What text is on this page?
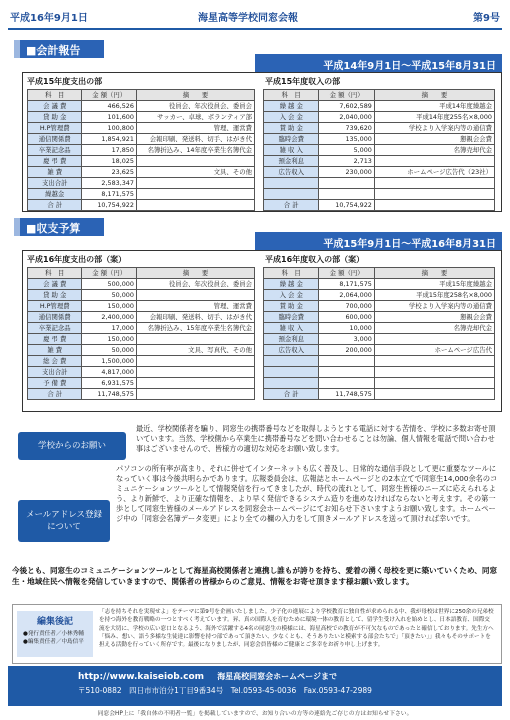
平成16年9月1日	海星高等学校同窓会報	第9号
■会計報告
平成14年9月1日～平成15年8月31日
平成15年度支出の部
科　目	金 額（円）	摘　　要
会 議 費	466,526	役員会、年次役員会、委員会
貸 助 金	101,600	サッカー、卓球、ボランティア部
H.P管理費	100,800	管理、運営費
通信関係費	1,854,921	会報印刷、発送料、切手、はがき代
卒業記念品	17,850	名簿折込み、14年度卒業生名簿代金
慶 弔 費	18,025	
雑 費	23,625	文具、その他
支出合計	2,583,347	
繰越金	8,171,575	
合 計	10,754,922	
平成15年度収入の部
科　目	金 額（円）	摘　　要
繰 越 金	7,602,589	平成14年度繰越金
入 会 金	2,040,000	平成14年度255名×8,000
賛 助 金	739,620	学校より入学案内等の通信費
臨時会費	135,000	懇親会会費
雑 収 入	5,000	名簿売却代金
預金利息	2,713	
広告収入	230,000	ホームページ広告代（23社）

合 計	10,754,922	
■収支予算
平成15年9月1日～平成16年8月31日
平成16年度支出の部（案）
科　目	金 額（円）	摘　　要
会 議 費	500,000	役員会、年次役員会、委員会
貸 助 金	50,000	
H.P管理費	150,000	管理、運営費
通信関係費	2,400,000	会報印刷、発送料、切手、はがき代
卒業記念品	17,000	名簿折込み、15年度卒業生名簿代金
慶 弔 費	150,000	
雑 費	50,000	文具、写真代、その他
総 会 費	1,500,000	
支出合計	4,817,000	
予 備 費	6,931,575	
合 計	11,748,575	
平成16年度収入の部（案）
科　目	金 額（円）	摘　　要
繰 越 金	8,171,575	平成15年度繰越金
入 会 金	2,064,000	平成15年度258名×8,000
賛 助 金	700,000	学校より入学案内等の通信費
臨時会費	600,000	懇親会会費
雑 収 入	10,000	名簿売却代金
預金利息	3,000	
広告収入	200,000	ホームページ広告代

合 計	11,748,575	
学校からのお願い
最近、学校関係者を騙り、同窓生の携帯番号などを取得しようとする電話に対する苦情を、学校に多数お寄せ頂いています。当然、学校側から卒業生に携帯番号などを問い合わせることは勿論、個人情報を電話で問い合わせ事はございませんので、皆様方の適切な対応をお願い致します。
メールアドレス登録について
パソコンの所有率が高まり、それに併せてインターネットも広く普及し、日常的な通信手段として更に重要なツールになっていく事は今後共明らかであります。広報委員会は、広報誌とホームページとの2本立てで同窓生14,000余名のコミュニケーションツールとして情報発信を行ってきましたが、時代の流れとして、同窓生皆様のニーズに応えられるよう、より新鮮で、より正確な情報を、より早く発信できるシステム造りを進めなければならないと考えます。その第一歩として同窓生皆様のメールアドレスを同窓会ホームページにてお知らせ下さいますようお願い致します。ホームページ中の「同窓会名簿データ変更」により全ての欄の入力をして頂きメールアドレスを送って頂ければ幸いです。
今後とも、同窓生のコミュニケーションツールとして海星高校関係者と連携し誰もが誇りを持ち、愛着の湧く母校を更に築いていくため、同窓生・地域住民へ情報を発信していきますので、関係者の皆様からのご意見、情報をお寄せ頂きます様お願い致します。
編集後記
●発行責任者／小林秀輔
●編集責任者／中島信平
「志を持ちそれを実現せよ」をテーマに第9号を企画いたしました。少子化の進展により学校教育に独自性が求められる中、我が母校は世界に250余の兄弟校を持つ海外を教育戦略の一つとすべく考えています。昇、真の国際人を育むために環境一体の教育として、留学生受け入れを始めとし、日本語教育、国際交流を大切に、学校の広い窓口となるよう、海外で活躍する4名の同窓生の模様には、海星高校での教育が不可欠なものであったと確信しております。先生方へ「悩み、想い、語う多様な生徒達に影響を持つ部であって頂きたい、少なくとも、そうありたいと模索する部会たちで」「頂きたい」」我々もそのサポートを担える活動を行っていく所存です。最後になりましたが、同窓会員皆様のご健康とご多幸をお祈り申し上げます。
http://www.kaiseiob.com 海星高校同窓会ホームページまで
〒510-0882　四日市市泊分1丁目9番34号　Tel.0593-45-0036　Fax.0593-47-2989
同窓会HP上に「我自体の不明者一覧」を掲載していますので、お知り合いの方等の連絡先ご存じの方はお知らせ下さい。
